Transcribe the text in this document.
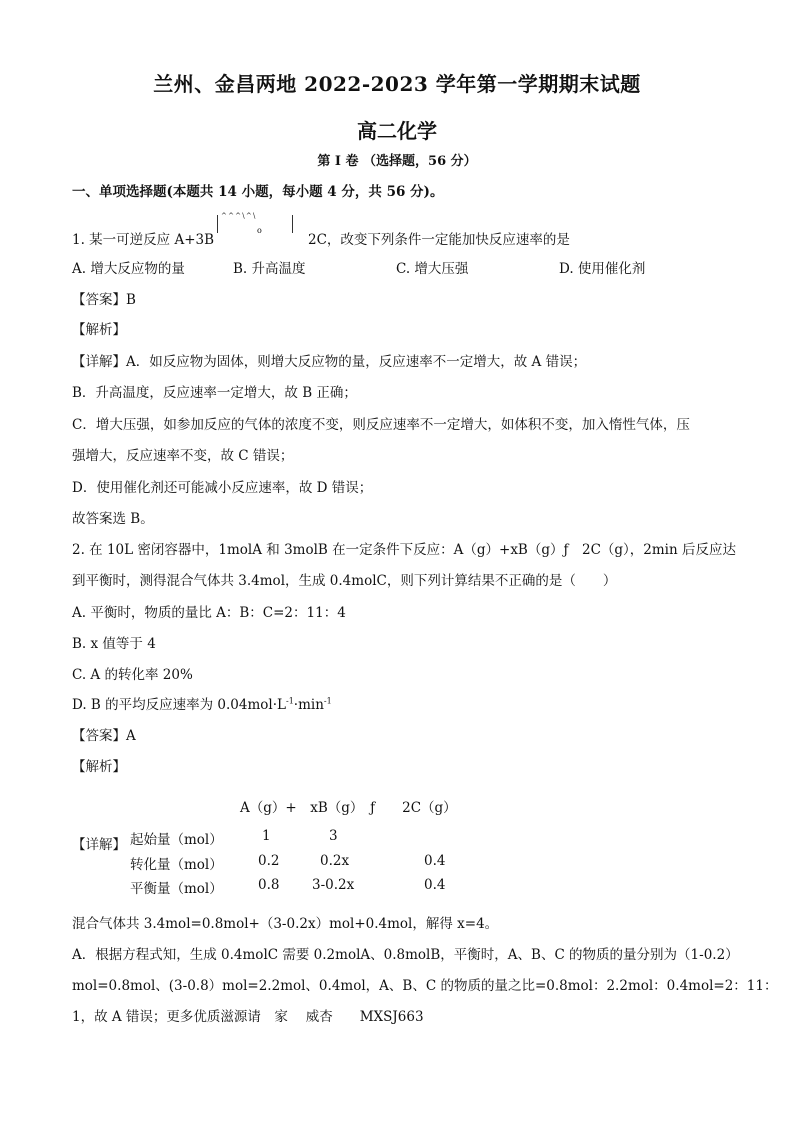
兰州、金昌两地 2022-2023 学年第一学期期末试题
高二化学
第 I 卷 （选择题，56 分）
一、单项选择题(本题共 14 小题，每小题 4 分，共 56 分)。
1. 某一可逆反应 A+3B
^ ^ ^ \ ^ \
o
2C，改变下列条件一定能加快反应速率的是
A. 增大反应物的量	B. 升高温度	C. 增大压强	D. 使用催化剂
【答案】B
【解析】
【详解】A．如反应物为固体，则增大反应物的量，反应速率不一定增大，故 A 错误；
B．升高温度，反应速率一定增大，故 B 正确；
C．增大压强，如参加反应的气体的浓度不变，则反应速率不一定增大，如体积不变，加入惰性气体，压
强增大，反应速率不变，故 C 错误；
D．使用催化剂还可能减小反应速率，故 D 错误；
故答案选 B。
2. 在 10L 密闭容器中，1molA 和 3molB 在一定条件下反应：A（g）+xB（g）ƒ　2C（g），2min 后反应达
到平衡时，测得混合气体共 3.4mol，生成 0.4molC，则下列计算结果不正确的是（　　）
A. 平衡时，物质的量比 A：B：C=2：11：4
B. x 值等于 4
C. A 的转化率 20%
D. B 的平均反应速率为 $0.04mol\cdot L^{-1}\cdot\min^{-1}$
【答案】A
【解析】
A（g）+　xB（g）　ƒ　　2C（g）
【详解】 起始量（mol）	1	3
转化量（mol）	0.2	0.2x	0.4
平衡量（mol）	0.8 3-0.2x	0.4
混合气体共 3.4mol=0.8mol+（3-0.2x）mol+0.4mol，解得 x=4。
A．根据方程式知，生成 0.4molC 需要 0.2molA、0.8molB，平衡时，A、B、C 的物质的量分别为（1-0.2）
mol=0.8mol、(3-0.8）mol=2.2mol、0.4mol，A、B、C 的物质的量之比=0.8mol：2.2mol：0.4mol=2：11：
1，故 A 错误；更多优质滋源请　家　 威杏　　MXSJ663
